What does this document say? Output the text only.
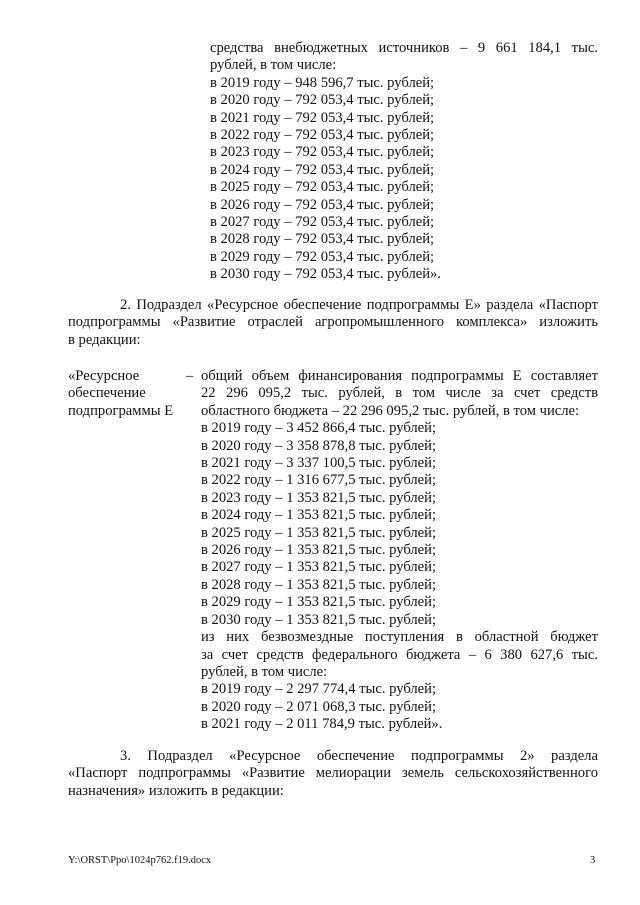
средства внебюджетных источников – 9 661 184,1 тыс.
рублей, в том числе:
в 2019 году – 948 596,7 тыс. рублей;
в 2020 году – 792 053,4 тыс. рублей;
в 2021 году – 792 053,4 тыс. рублей;
в 2022 году – 792 053,4 тыс. рублей;
в 2023 году – 792 053,4 тыс. рублей;
в 2024 году – 792 053,4 тыс. рублей;
в 2025 году – 792 053,4 тыс. рублей;
в 2026 году – 792 053,4 тыс. рублей;
в 2027 году – 792 053,4 тыс. рублей;
в 2028 году – 792 053,4 тыс. рублей;
в 2029 году – 792 053,4 тыс. рублей;
в 2030 году – 792 053,4 тыс. рублей».
2. Подраздел «Ресурсное обеспечение подпрограммы Е» раздела «Паспорт
подпрограммы «Развитие отраслей агропромышленного комплекса» изложить
в редакции:
«Ресурсное
обеспечение
подпрограммы Е
– общий объем финансирования подпрограммы Е составляет
22 296 095,2 тыс. рублей, в том числе за счет средств
областного бюджета – 22 296 095,2 тыс. рублей, в том числе:
в 2019 году – 3 452 866,4 тыс. рублей;
в 2020 году – 3 358 878,8 тыс. рублей;
в 2021 году – 3 337 100,5 тыс. рублей;
в 2022 году – 1 316 677,5 тыс. рублей;
в 2023 году – 1 353 821,5 тыс. рублей;
в 2024 году – 1 353 821,5 тыс. рублей;
в 2025 году – 1 353 821,5 тыс. рублей;
в 2026 году – 1 353 821,5 тыс. рублей;
в 2027 году – 1 353 821,5 тыс. рублей;
в 2028 году – 1 353 821,5 тыс. рублей;
в 2029 году – 1 353 821,5 тыс. рублей;
в 2030 году – 1 353 821,5 тыс. рублей;
из них безвозмездные поступления в областной бюджет
за счет средств федерального бюджета – 6 380 627,6 тыс.
рублей, в том числе:
в 2019 году – 2 297 774,4 тыс. рублей;
в 2020 году – 2 071 068,3 тыс. рублей;
в 2021 году – 2 011 784,9 тыс. рублей».
3. Подраздел «Ресурсное обеспечение подпрограммы 2» раздела
«Паспорт подпрограммы «Развитие мелиорации земель сельскохозяйственного
назначения» изложить в редакции:
Y:\ORST\Ppo\1024p762.f19.docx	3
